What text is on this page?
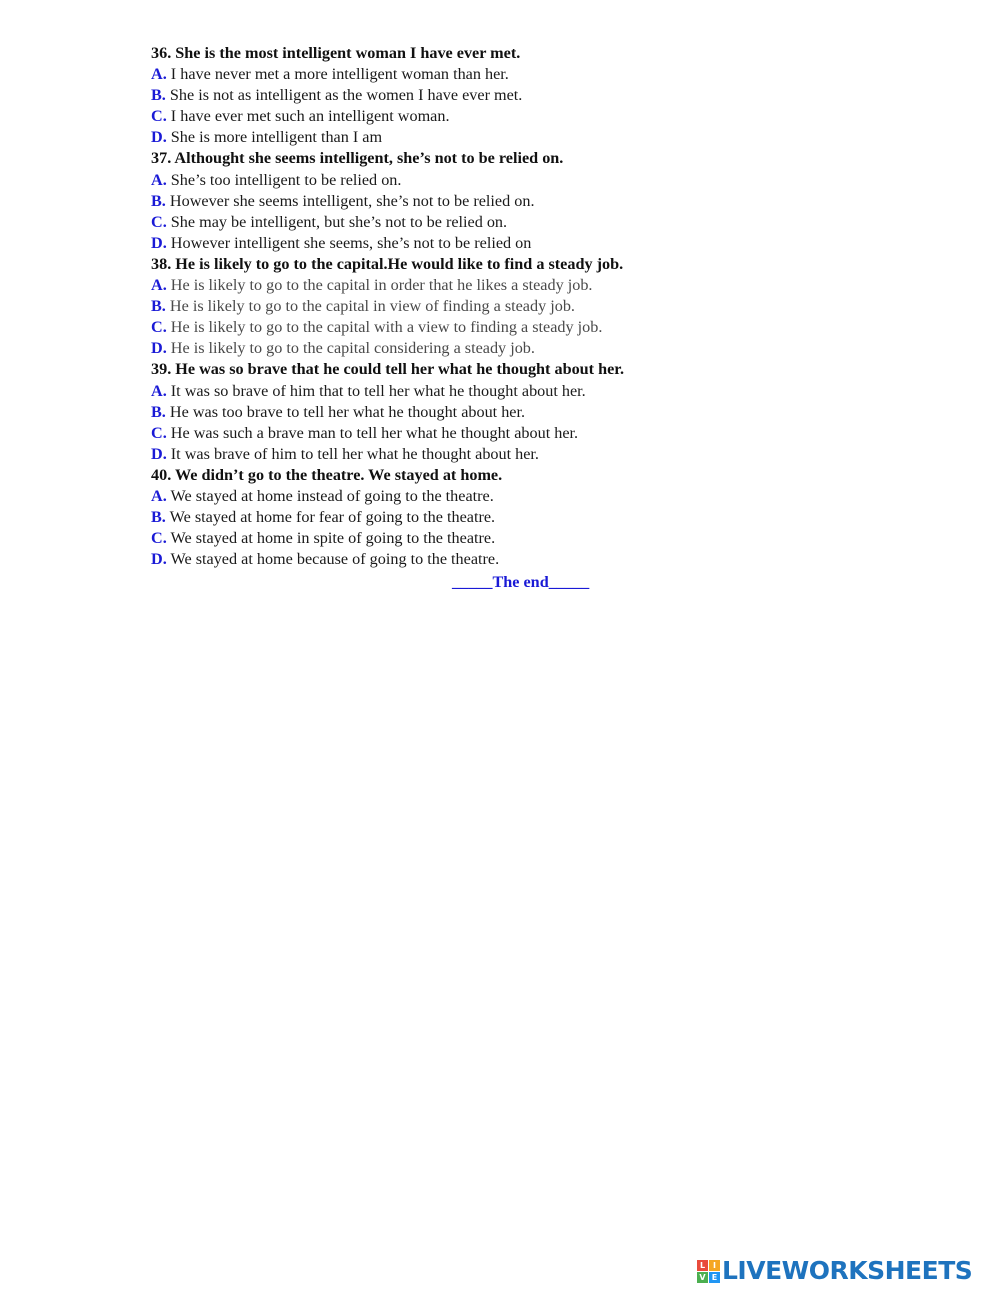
36. She is the most intelligent woman I have ever met.
A. I have never met a more intelligent woman than her.
B. She is not as intelligent as the women I have ever met.
C. I have ever met such an intelligent woman.
D. She is more intelligent than I am
37. Althought she seems intelligent, she’s not to be relied on.
A. She’s too intelligent to be relied on.
B. However she seems intelligent, she’s not to be relied on.
C. She may be intelligent, but she’s not to be relied on.
D. However intelligent she seems, she’s not to be relied on
38. He is likely to go to the capital.He would like to find a steady job.
A. He is likely to go to the capital in order that he likes a steady job.
B. He is likely to go to the capital in view of finding a steady job.
C. He is likely to go to the capital with a view to finding a steady job.
D. He is likely to go to the capital considering a steady job.
39. He was so brave that he could tell her what he thought about her.
A. It was so brave of him that to tell her what he thought about her.
B. He was too brave to tell her what he thought about her.
C. He was such a brave man to tell her what he thought about her.
D. It was brave of him to tell her what he thought about her.
40. We didn’t go to the theatre. We stayed at home.
A. We stayed at home instead of going to the theatre.
B. We stayed at home for fear of going to the theatre.
C. We stayed at home in spite of going to the theatre.
D. We stayed at home because of going to the theatre.
_____The end_____
L I
V E LIVEWORKSHEETS
